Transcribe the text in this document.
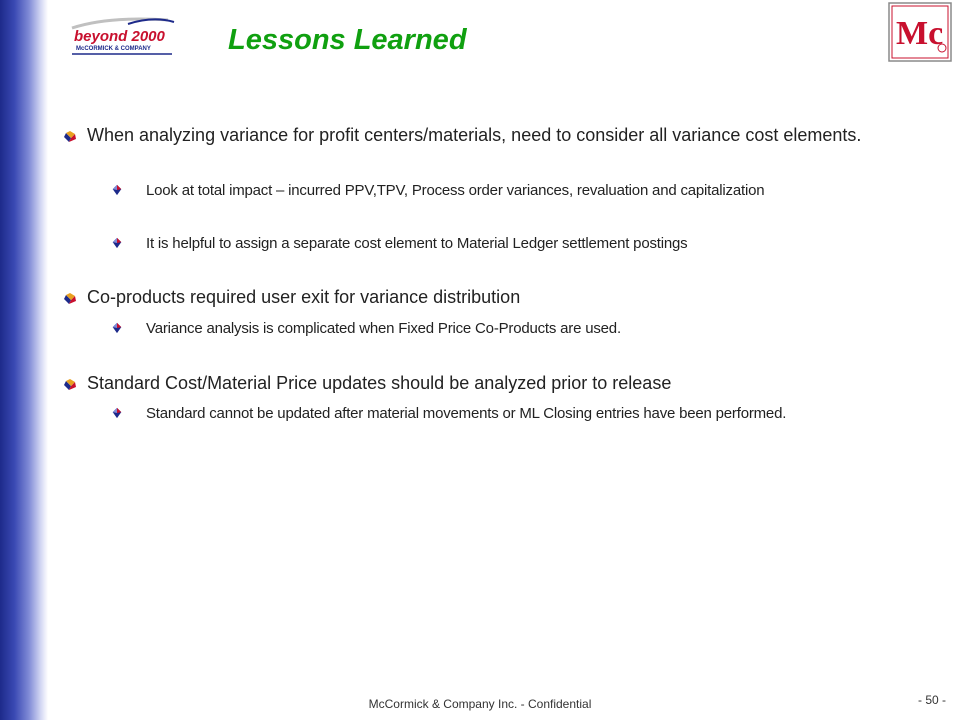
beyond 2000
McCORMICK & COMPANY	Mc
Lessons Learned
When analyzing variance for profit centers/materials, need to consider all variance cost elements.
Look at total impact – incurred PPV,TPV, Process order variances, revaluation and capitalization
It is helpful to assign a separate cost element to Material Ledger settlement postings
Co-products required user exit for variance distribution
Variance analysis is complicated when Fixed Price Co-Products are used.
Standard Cost/Material Price updates should be analyzed prior to release
Standard cannot be updated after material movements or ML Closing entries have been performed.
McCormick & Company Inc. - Confidential	- 50 -
